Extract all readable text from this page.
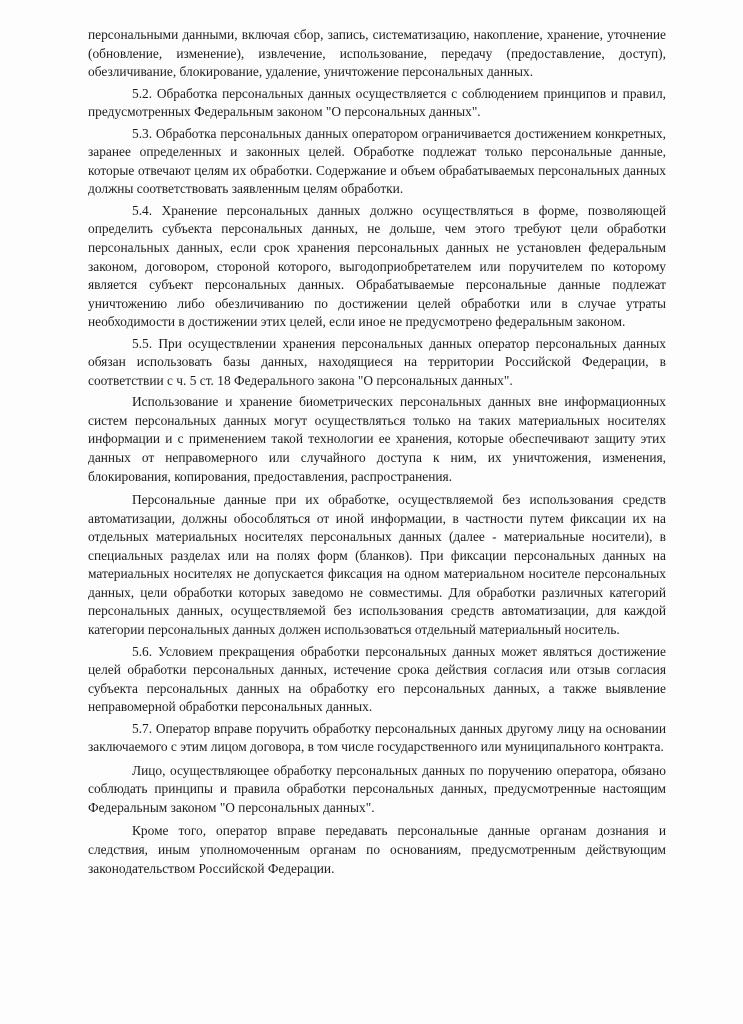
персональными данными, включая сбор, запись, систематизацию, накопление, хранение, уточнение (обновление, изменение), извлечение, использование, передачу (предоставление, доступ), обезличивание, блокирование, удаление, уничтожение персональных данных.

5.2. Обработка персональных данных осуществляется с соблюдением принципов и правил, предусмотренных Федеральным законом "О персональных данных".

5.3. Обработка персональных данных оператором ограничивается достижением конкретных, заранее определенных и законных целей. Обработке подлежат только персональные данные, которые отвечают целям их обработки. Содержание и объем обрабатываемых персональных данных должны соответствовать заявленным целям обработки.

5.4. Хранение персональных данных должно осуществляться в форме, позволяющей определить субъекта персональных данных, не дольше, чем этого требуют цели обработки персональных данных, если срок хранения персональных данных не установлен федеральным законом, договором, стороной которого, выгодоприобретателем или поручителем по которому является субъект персональных данных. Обрабатываемые персональные данные подлежат уничтожению либо обезличиванию по достижении целей обработки или в случае утраты необходимости в достижении этих целей, если иное не предусмотрено федеральным законом.

5.5. При осуществлении хранения персональных данных оператор персональных данных обязан использовать базы данных, находящиеся на территории Российской Федерации, в соответствии с ч. 5 ст. 18 Федерального закона "О персональных данных".

Использование и хранение биометрических персональных данных вне информационных систем персональных данных могут осуществляться только на таких материальных носителях информации и с применением такой технологии ее хранения, которые обеспечивают защиту этих данных от неправомерного или случайного доступа к ним, их уничтожения, изменения, блокирования, копирования, предоставления, распространения.

Персональные данные при их обработке, осуществляемой без использования средств автоматизации, должны обособляться от иной информации, в частности путем фиксации их на отдельных материальных носителях персональных данных (далее - материальные носители), в специальных разделах или на полях форм (бланков). При фиксации персональных данных на материальных носителях не допускается фиксация на одном материальном носителе персональных данных, цели обработки которых заведомо не совместимы. Для обработки различных категорий персональных данных, осуществляемой без использования средств автоматизации, для каждой категории персональных данных должен использоваться отдельный материальный носитель.

5.6. Условием прекращения обработки персональных данных может являться достижение целей обработки персональных данных, истечение срока действия согласия или отзыв согласия субъекта персональных данных на обработку его персональных данных, а также выявление неправомерной обработки персональных данных.

5.7. Оператор вправе поручить обработку персональных данных другому лицу на основании заключаемого с этим лицом договора, в том числе государственного или муниципального контракта.

Лицо, осуществляющее обработку персональных данных по поручению оператора, обязано соблюдать принципы и правила обработки персональных данных, предусмотренные настоящим Федеральным законом "О персональных данных".

Кроме того, оператор вправе передавать персональные данные органам дознания и следствия, иным уполномоченным органам по основаниям, предусмотренным действующим законодательством Российской Федерации.
